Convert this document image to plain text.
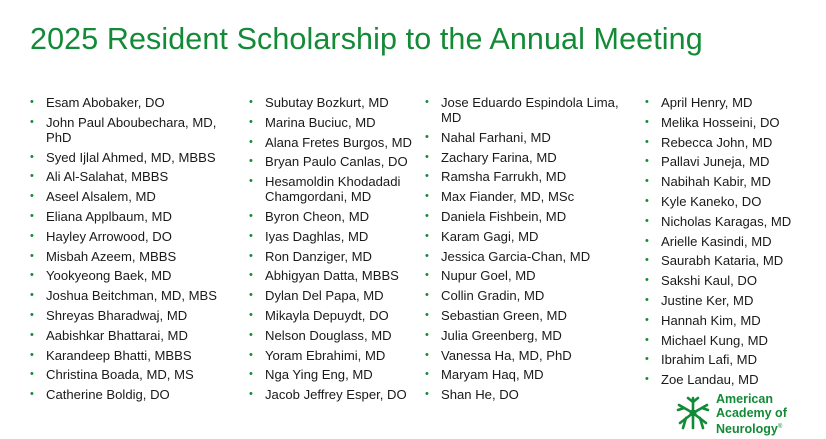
2025 Resident Scholarship to the Annual Meeting
• Esam Abobaker, DO
• John Paul Aboubechara, MD, PhD
• Syed Ijlal Ahmed, MD, MBBS
• Ali Al-Salahat, MBBS
• Aseel Alsalem, MD
• Eliana Applbaum, MD
• Hayley Arrowood, DO
• Misbah Azeem, MBBS
• Yookyeong Baek, MD
• Joshua Beitchman, MD, MBS
• Shreyas Bharadwaj, MD
• Aabishkar Bhattarai, MD
• Karandeep Bhatti, MBBS
• Christina Boada, MD, MS
• Catherine Boldig, DO
• Subutay Bozkurt, MD
• Marina Buciuc, MD
• Alana Fretes Burgos, MD
• Bryan Paulo Canlas, DO
• Hesamoldin Khodadadi Chamgordani, MD
• Byron Cheon, MD
• Iyas Daghlas, MD
• Ron Danziger, MD
• Abhigyan Datta, MBBS
• Dylan Del Papa, MD
• Mikayla Depuydt, DO
• Nelson Douglass, MD
• Yoram Ebrahimi, MD
• Nga Ying Eng, MD
• Jacob Jeffrey Esper, DO
• Jose Eduardo Espindola Lima, MD
• Nahal Farhani, MD
• Zachary Farina, MD
• Ramsha Farrukh, MD
• Max Fiander, MD, MSc
• Daniela Fishbein, MD
• Karam Gagi, MD
• Jessica Garcia-Chan, MD
• Nupur Goel, MD
• Collin Gradin, MD
• Sebastian Green, MD
• Julia Greenberg, MD
• Vanessa Ha, MD, PhD
• Maryam Haq, MD
• Shan He, DO
• April Henry, MD
• Melika Hosseini, DO
• Rebecca John, MD
• Pallavi Juneja, MD
• Nabihah Kabir, MD
• Kyle Kaneko, DO
• Nicholas Karagas, MD
• Arielle Kasindi, MD
• Saurabh Kataria, MD
• Sakshi Kaul, DO
• Justine Ker, MD
• Hannah Kim, MD
• Michael Kung, MD
• Ibrahim Lafi, MD
• Zoe Landau, MD
American
Academy of
Neurology®
